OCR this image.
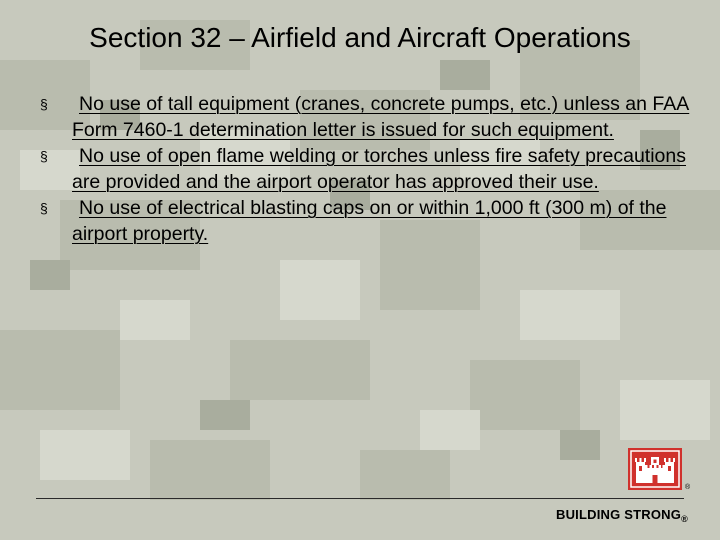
Section 32 – Airfield and Aircraft Operations
§	No use of tall equipment (cranes, concrete pumps, etc.) unless an FAA Form 7460-1 determination letter is issued for such equipment.
§	No use of open flame welding or torches unless fire safety precautions are provided and the airport operator has approved their use.
§	No use of electrical blasting caps on or within 1,000 ft (300 m) of the airport property.
®
BUILDING $STRONG_®$
